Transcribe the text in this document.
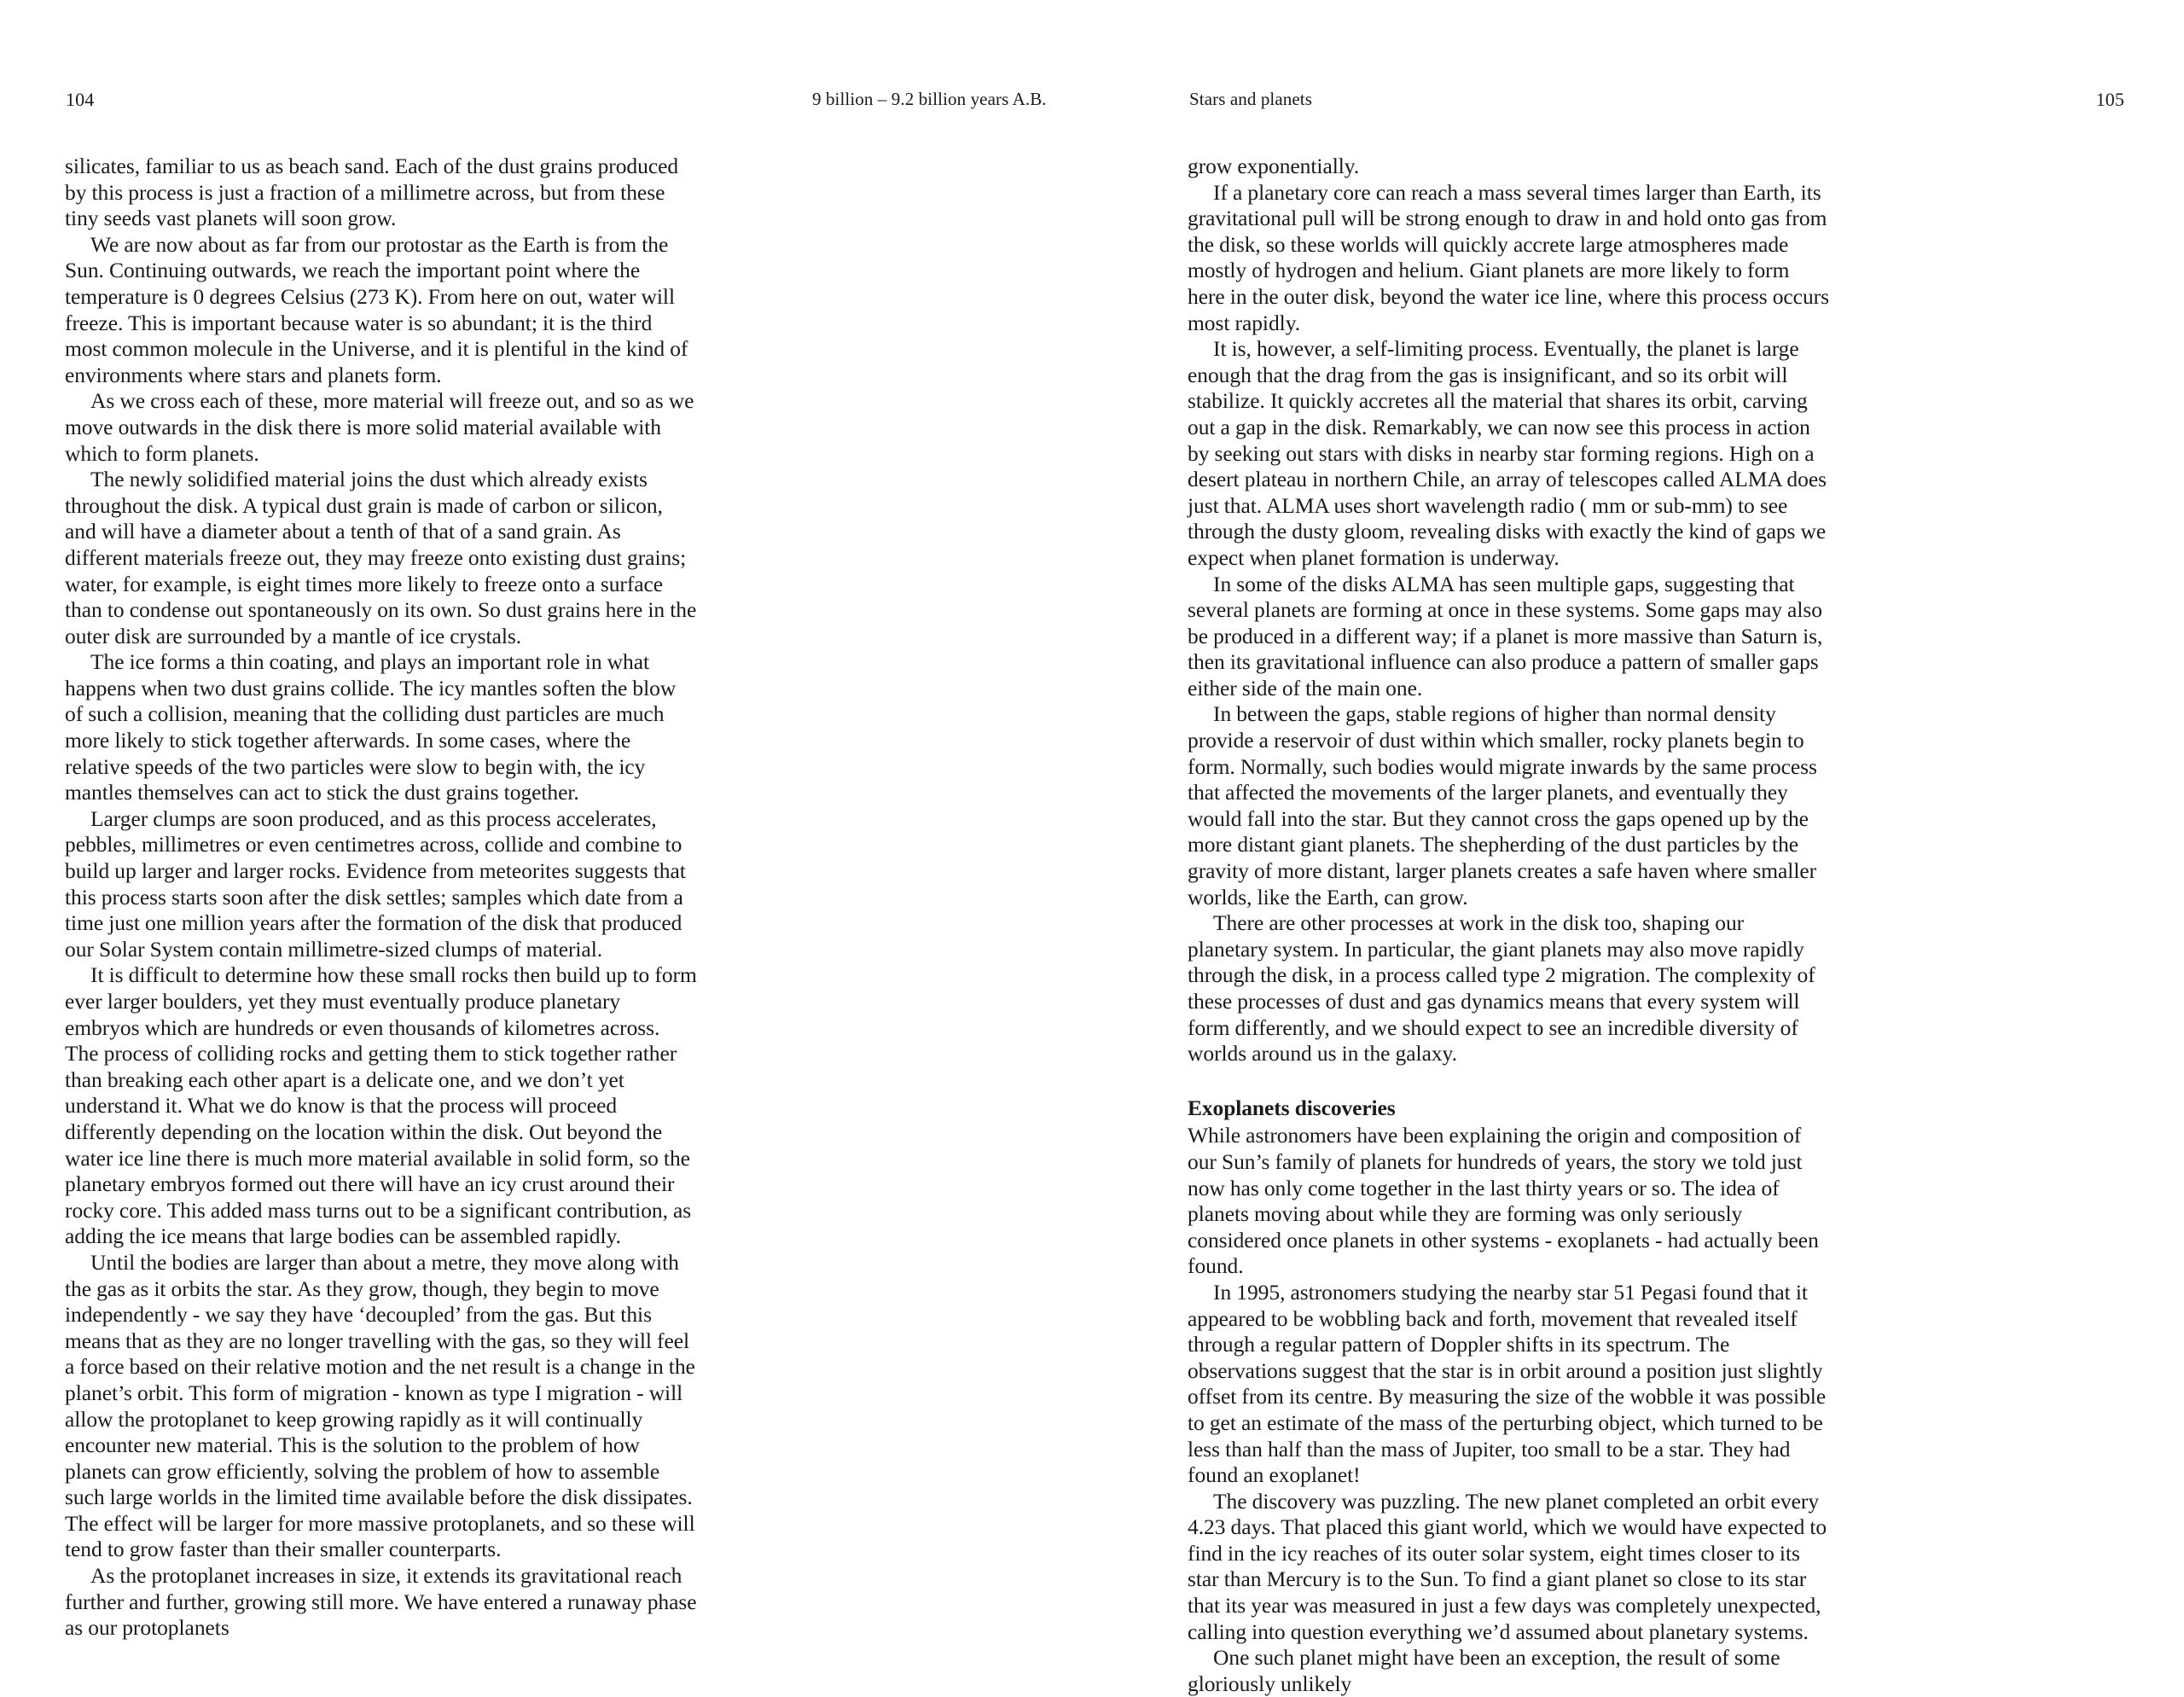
104	9 billion – 9.2 billion years A.B.	Stars and planets	105

silicates, familiar to us as beach sand. Each of the dust grains produced by this process is just a fraction of a millimetre across, but from these tiny seeds vast planets will soon grow.

We are now about as far from our protostar as the Earth is from the Sun. Continuing outwards, we reach the important point where the temperature is 0 degrees Celsius (273 K). From here on out, water will freeze. This is important because water is so abundant; it is the third most common molecule in the Universe, and it is plentiful in the kind of environments where stars and planets form.

As we cross each of these, more material will freeze out, and so as we move outwards in the disk there is more solid material available with which to form planets.

The newly solidified material joins the dust which already exists throughout the disk. A typical dust grain is made of carbon or silicon, and will have a diameter about a tenth of that of a sand grain. As different materials freeze out, they may freeze onto existing dust grains; water, for example, is eight times more likely to freeze onto a surface than to condense out spontaneously on its own. So dust grains here in the outer disk are surrounded by a mantle of ice crystals.

The ice forms a thin coating, and plays an important role in what happens when two dust grains collide. The icy mantles soften the blow of such a collision, meaning that the colliding dust particles are much more likely to stick together afterwards. In some cases, where the relative speeds of the two particles were slow to begin with, the icy mantles themselves can act to stick the dust grains together.

Larger clumps are soon produced, and as this process accelerates, pebbles, millimetres or even centimetres across, collide and combine to build up larger and larger rocks. Evidence from meteorites suggests that this process starts soon after the disk settles; samples which date from a time just one million years after the formation of the disk that produced our Solar System contain millimetre-sized clumps of material.

It is difficult to determine how these small rocks then build up to form ever larger boulders, yet they must eventually produce planetary embryos which are hundreds or even thousands of kilometres across. The process of colliding rocks and getting them to stick together rather than breaking each other apart is a delicate one, and we don’t yet understand it. What we do know is that the process will proceed differently depending on the location within the disk. Out beyond the water ice line there is much more material available in solid form, so the planetary embryos formed out there will have an icy crust around their rocky core. This added mass turns out to be a significant contribution, as adding the ice means that large bodies can be assembled rapidly.

Until the bodies are larger than about a metre, they move along with the gas as it orbits the star. As they grow, though, they begin to move independently - we say they have ‘decoupled’ from the gas. But this means that as they are no longer travelling with the gas, so they will feel a force based on their relative motion and the net result is a change in the planet’s orbit. This form of migration - known as type I migration - will allow the protoplanet to keep growing rapidly as it will continually encounter new material. This is the solution to the problem of how planets can grow efficiently, solving the problem of how to assemble such large worlds in the limited time available before the disk dissipates. The effect will be larger for more massive protoplanets, and so these will tend to grow faster than their smaller counterparts.

As the protoplanet increases in size, it extends its gravitational reach further and further, growing still more. We have entered a runaway phase as our protoplanets

grow exponentially.

If a planetary core can reach a mass several times larger than Earth, its gravitational pull will be strong enough to draw in and hold onto gas from the disk, so these worlds will quickly accrete large atmospheres made mostly of hydrogen and helium. Giant planets are more likely to form here in the outer disk, beyond the water ice line, where this process occurs most rapidly.

It is, however, a self-limiting process. Eventually, the planet is large enough that the drag from the gas is insignificant, and so its orbit will stabilize. It quickly accretes all the material that shares its orbit, carving out a gap in the disk. Remarkably, we can now see this process in action by seeking out stars with disks in nearby star forming regions. High on a desert plateau in northern Chile, an array of telescopes called ALMA does just that. ALMA uses short wavelength radio ( mm or sub-mm) to see through the dusty gloom, revealing disks with exactly the kind of gaps we expect when planet formation is underway.

In some of the disks ALMA has seen multiple gaps, suggesting that several planets are forming at once in these systems. Some gaps may also be produced in a different way; if a planet is more massive than Saturn is, then its gravitational influence can also produce a pattern of smaller gaps either side of the main one.

In between the gaps, stable regions of higher than normal density provide a reservoir of dust within which smaller, rocky planets begin to form. Normally, such bodies would migrate inwards by the same process that affected the movements of the larger planets, and eventually they would fall into the star. But they cannot cross the gaps opened up by the more distant giant planets. The shepherding of the dust particles by the gravity of more distant, larger planets creates a safe haven where smaller worlds, like the Earth, can grow.

There are other processes at work in the disk too, shaping our planetary system. In particular, the giant planets may also move rapidly through the disk, in a process called type 2 migration. The complexity of these processes of dust and gas dynamics means that every system will form differently, and we should expect to see an incredible diversity of worlds around us in the galaxy.

Exoplanets discoveries

While astronomers have been explaining the origin and composition of our Sun’s family of planets for hundreds of years, the story we told just now has only come together in the last thirty years or so. The idea of planets moving about while they are forming was only seriously considered once planets in other systems - exoplanets - had actually been found.

In 1995, astronomers studying the nearby star 51 Pegasi found that it appeared to be wobbling back and forth, movement that revealed itself through a regular pattern of Doppler shifts in its spectrum. The observations suggest that the star is in orbit around a position just slightly offset from its centre. By measuring the size of the wobble it was possible to get an estimate of the mass of the perturbing object, which turned to be less than half than the mass of Jupiter, too small to be a star. They had found an exoplanet!

The discovery was puzzling. The new planet completed an orbit every 4.23 days. That placed this giant world, which we would have expected to find in the icy reaches of its outer solar system, eight times closer to its star than Mercury is to the Sun. To find a giant planet so close to its star that its year was measured in just a few days was completely unexpected, calling into question everything we’d assumed about planetary systems.

One such planet might have been an exception, the result of some gloriously unlikely
